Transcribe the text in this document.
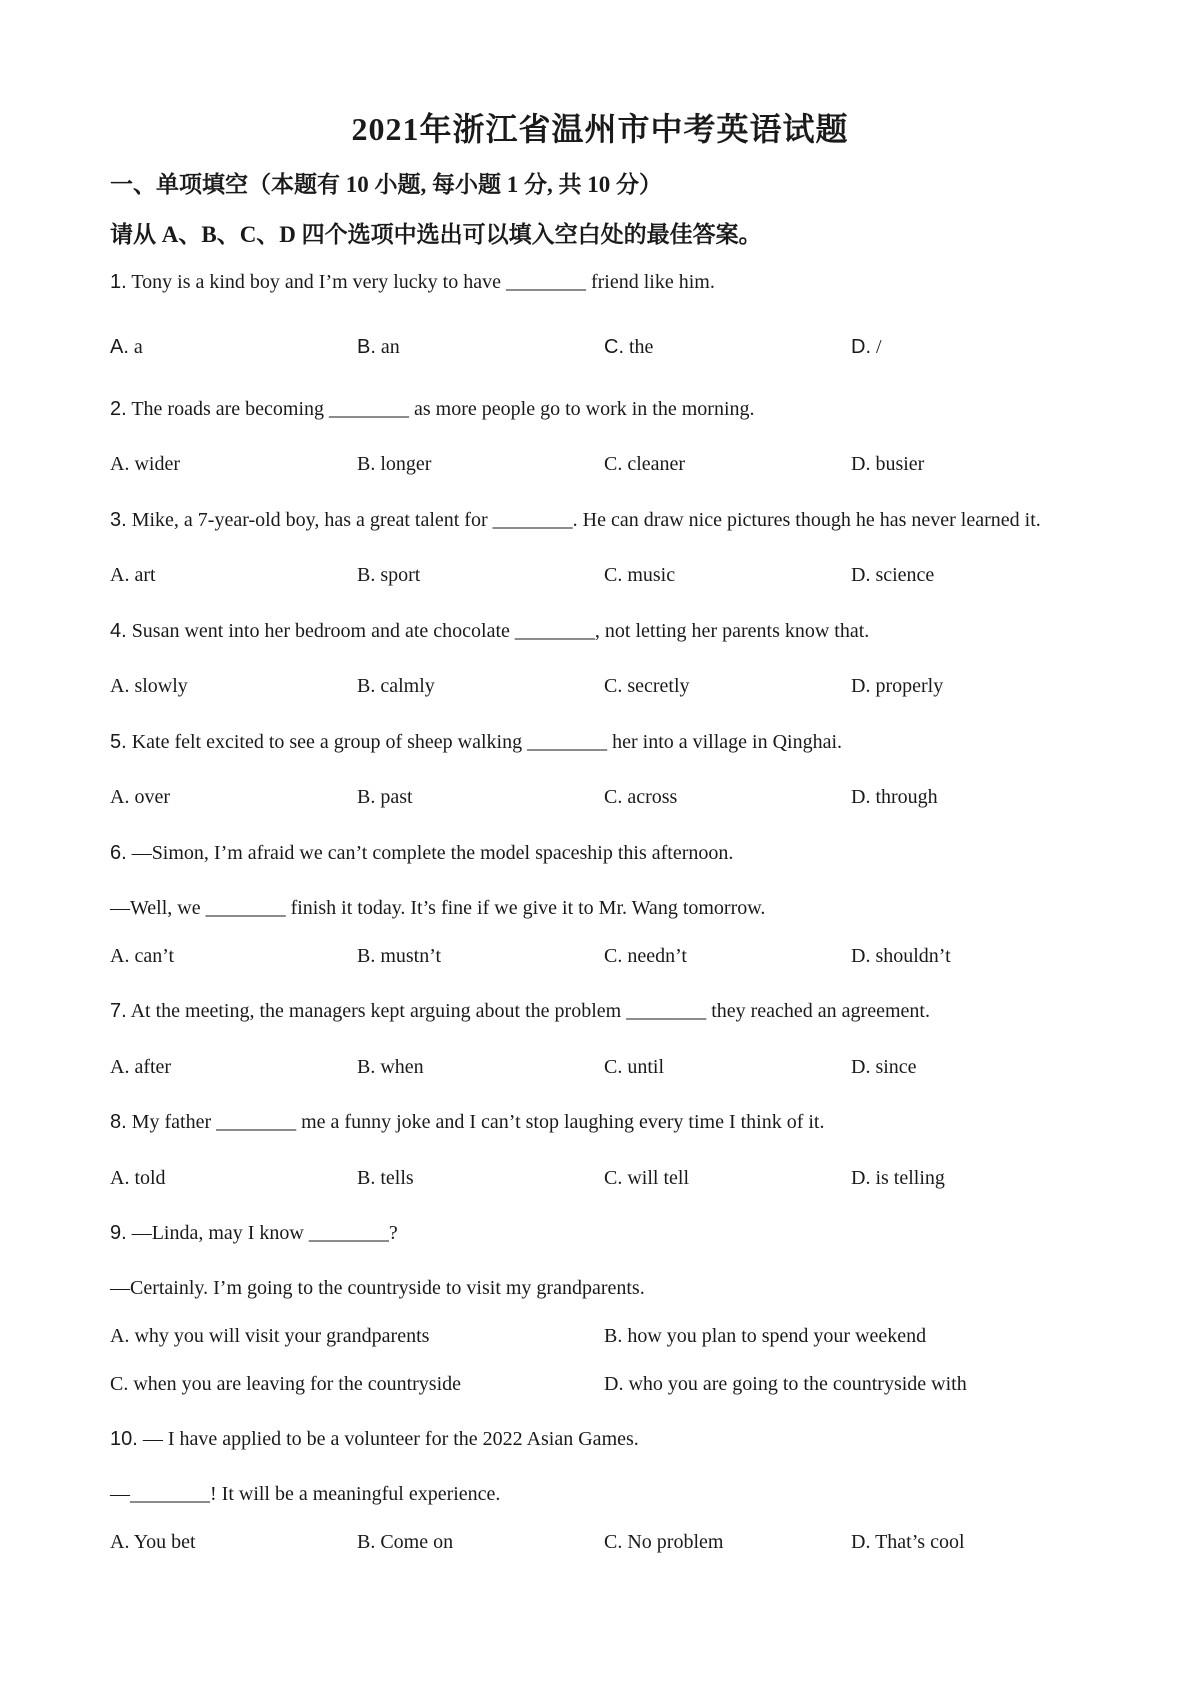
2021年浙江省温州市中考英语试题
一、单项填空（本题有 10 小题, 每小题 1 分, 共 10 分）
请从 A、B、C、D 四个选项中选出可以填入空白处的最佳答案。
1. Tony is a kind boy and I’m very lucky to have ________ friend like him.
A. a	B. an	C. the	D. /
2. The roads are becoming ________ as more people go to work in the morning.
A. wider	B. longer	C. cleaner	D. busier
3. Mike, a 7-year-old boy, has a great talent for ________. He can draw nice pictures though he has never learned it.
A. art	B. sport	C. music	D. science
4. Susan went into her bedroom and ate chocolate ________, not letting her parents know that.
A. slowly	B. calmly	C. secretly	D. properly
5. Kate felt excited to see a group of sheep walking ________ her into a village in Qinghai.
A. over	B. past	C. across	D. through
6. —Simon, I’m afraid we can’t complete the model spaceship this afternoon.
—Well, we ________ finish it today. It’s fine if we give it to Mr. Wang tomorrow.
A. can’t	B. mustn’t	C. needn’t	D. shouldn’t
7. At the meeting, the managers kept arguing about the problem ________ they reached an agreement.
A. after	B. when	C. until	D. since
8. My father ________ me a funny joke and I can’t stop laughing every time I think of it.
A. told	B. tells	C. will tell	D. is telling
9. —Linda, may I know ________?
—Certainly. I’m going to the countryside to visit my grandparents.
A. why you will visit your grandparents	B. how you plan to spend your weekend
C. when you are leaving for the countryside	D. who you are going to the countryside with
10. — I have applied to be a volunteer for the 2022 Asian Games.
—________! It will be a meaningful experience.
A. You bet	B. Come on	C. No problem	D. That’s cool
